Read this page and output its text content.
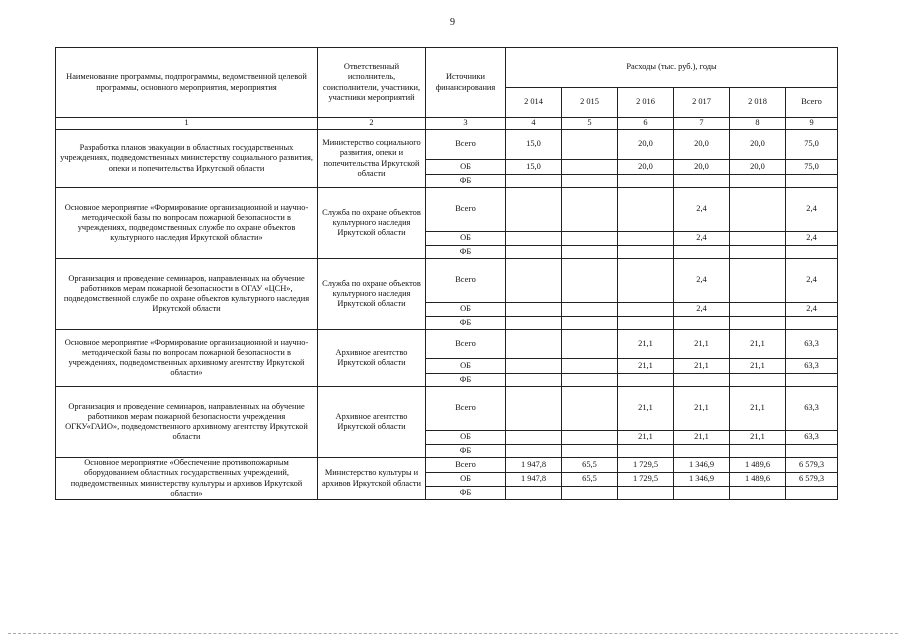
9
Наименование программы, подпрограммы, ведомственной целевой программы, основного мероприятия, мероприятия	Ответственный исполнитель, соисполнители, участники, участники мероприятий	Источники финансирования	Расходы (тыс. руб.), годы					
			2 014	2 015	2 016	2 017	2 018	Всего
1	2	3	4	5	6	7	8	9
Разработка планов эвакуации в областных государственных учреждениях, подведомственных министерству социального развития, опеки и попечительства Иркутской области	Министерство социального развития, опеки и попечительства Иркутской области	Всего	15,0		20,0	20,0	20,0	75,0
		ОБ	15,0		20,0	20,0	20,0	75,0
		ФБ						
Основное мероприятие «Формирование организационной и научно-методической базы по вопросам пожарной безопасности в учреждениях, подведомственных службе по охране объектов культурного наследия Иркутской области»	Служба по охране объектов культурного наследия Иркутской области	Всего				2,4		2,4
		ОБ				2,4		2,4
		ФБ						
Организация и проведение семинаров, направленных на обучение работников мерам пожарной безопасности в ОГАУ «ЦСН», подведомственной службе по охране объектов культурного наследия Иркутской области	Служба по охране объектов культурного наследия Иркутской области	Всего				2,4		2,4
		ОБ				2,4		2,4
		ФБ						
Основное мероприятие «Формирование организационной и научно-методической базы по вопросам пожарной безопасности в учреждениях, подведомственных архивному агентству Иркутской области»	Архивное агентство Иркутской области	Всего			21,1	21,1	21,1	63,3
		ОБ			21,1	21,1	21,1	63,3
		ФБ						
Организация и проведение семинаров, направленных на обучение работников мерам пожарной безопасности учреждения ОГКУ«ГАИО», подведомственного архивному агентству Иркутской области	Архивное агентство Иркутской области	Всего			21,1	21,1	21,1	63,3
		ОБ			21,1	21,1	21,1	63,3
		ФБ						
Основное мероприятие «Обеспечение противопожарным оборудованием областных государственных учреждений, подведомственных министерству культуры и архивов Иркутской области»	Министерство культуры и архивов Иркутской области	Всего	1 947,8	65,5	1 729,5	1 346,9	1 489,6	6 579,3
		ОБ	1 947,8	65,5	1 729,5	1 346,9	1 489,6	6 579,3
		ФБ						
